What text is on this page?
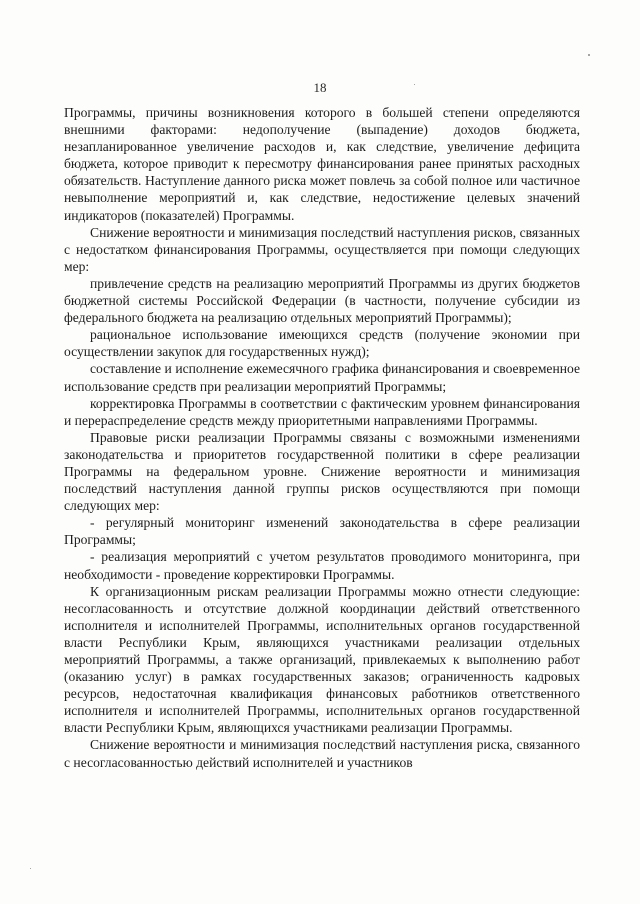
18

Программы, причины возникновения которого в большей степени определяются внешними факторами: недополучение (выпадение) доходов бюджета, незапланированное увеличение расходов и, как следствие, увеличение дефицита бюджета, которое приводит к пересмотру финансирования ранее принятых расходных обязательств. Наступление данного риска может повлечь за собой полное или частичное невыполнение мероприятий и, как следствие, недостижение целевых значений индикаторов (показателей) Программы.

Снижение вероятности и минимизация последствий наступления рисков, связанных с недостатком финансирования Программы, осуществляется при помощи следующих мер:

привлечение средств на реализацию мероприятий Программы из других бюджетов бюджетной системы Российской Федерации (в частности, получение субсидии из федерального бюджета на реализацию отдельных мероприятий Программы);

рациональное использование имеющихся средств (получение экономии при осуществлении закупок для государственных нужд);

составление и исполнение ежемесячного графика финансирования и своевременное использование средств при реализации мероприятий Программы;

корректировка Программы в соответствии с фактическим уровнем финансирования и перераспределение средств между приоритетными направлениями Программы.

Правовые риски реализации Программы связаны с возможными изменениями законодательства и приоритетов государственной политики в сфере реализации Программы на федеральном уровне. Снижение вероятности и минимизация последствий наступления данной группы рисков осуществляются при помощи следующих мер:

- регулярный мониторинг изменений законодательства в сфере реализации Программы;

- реализация мероприятий с учетом результатов проводимого мониторинга, при необходимости - проведение корректировки Программы.

К организационным рискам реализации Программы можно отнести следующие: несогласованность и отсутствие должной координации действий ответственного исполнителя и исполнителей Программы, исполнительных органов государственной власти Республики Крым, являющихся участниками реализации отдельных мероприятий Программы, а также организаций, привлекаемых к выполнению работ (оказанию услуг) в рамках государственных заказов; ограниченность кадровых ресурсов, недостаточная квалификация финансовых работников ответственного исполнителя и исполнителей Программы, исполнительных органов государственной власти Республики Крым, являющихся участниками реализации Программы.

Снижение вероятности и минимизация последствий наступления риска, связанного с несогласованностью действий исполнителей и участников
